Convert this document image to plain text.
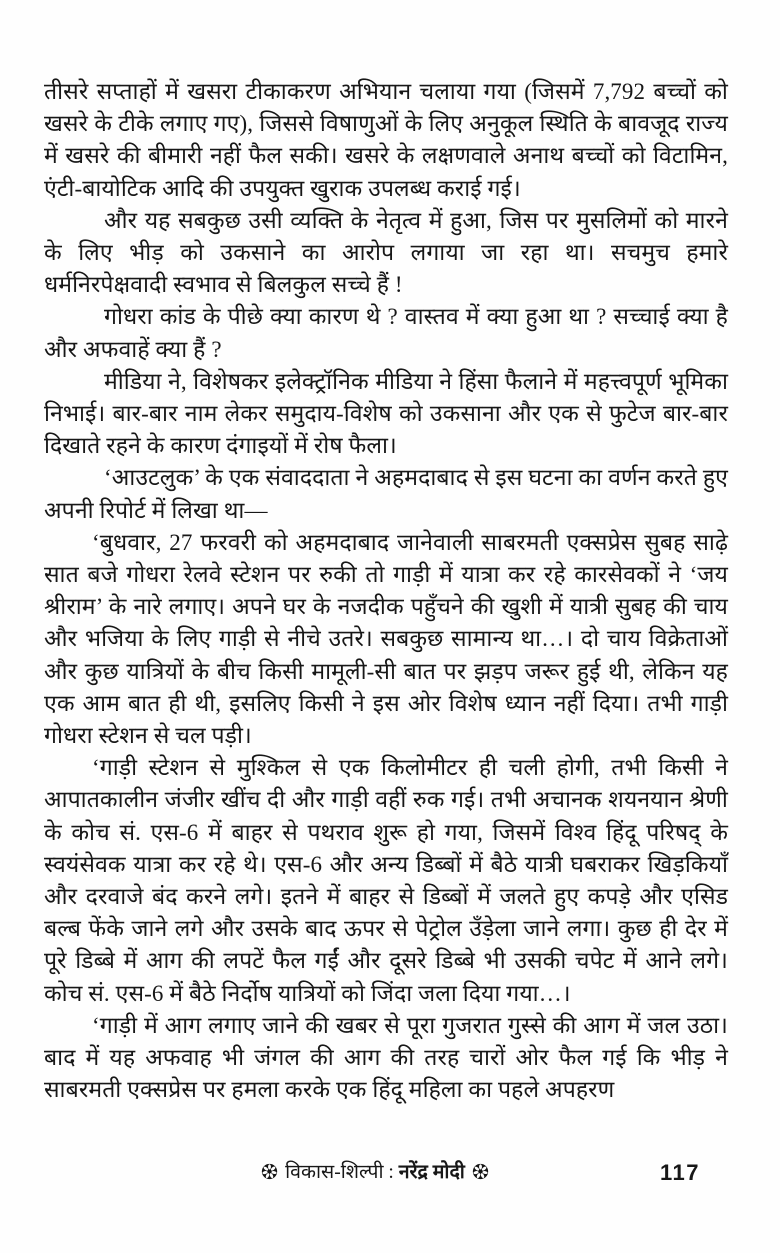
तीसरे सप्ताहों में खसरा टीकाकरण अभियान चलाया गया (जिसमें 7,792 बच्चों को खसरे के टीके लगाए गए), जिससे विषाणुओं के लिए अनुकूल स्थिति के बावजूद राज्य में खसरे की बीमारी नहीं फैल सकी। खसरे के लक्षणवाले अनाथ बच्चों को विटामिन, एंटी-बायोटिक आदि की उपयुक्त खुराक उपलब्ध कराई गई।

और यह सबकुछ उसी व्यक्ति के नेतृत्व में हुआ, जिस पर मुसलिमों को मारने के लिए भीड़ को उकसाने का आरोप लगाया जा रहा था। सचमुच हमारे धर्मनिरपेक्षवादी स्वभाव से बिलकुल सच्चे हैं !

गोधरा कांड के पीछे क्या कारण थे ? वास्तव में क्या हुआ था ? सच्चाई क्या है और अफवाहें क्या हैं ?

मीडिया ने, विशेषकर इलेक्ट्रॉनिक मीडिया ने हिंसा फैलाने में महत्त्वपूर्ण भूमिका निभाई। बार-बार नाम लेकर समुदाय-विशेष को उकसाना और एक से फुटेज बार-बार दिखाते रहने के कारण दंगाइयों में रोष फैला।

‘आउटलुक’ के एक संवाददाता ने अहमदाबाद से इस घटना का वर्णन करते हुए अपनी रिपोर्ट में लिखा था—

‘बुधवार, 27 फरवरी को अहमदाबाद जानेवाली साबरमती एक्सप्रेस सुबह साढ़े सात बजे गोधरा रेलवे स्टेशन पर रुकी तो गाड़ी में यात्रा कर रहे कारसेवकों ने ‘जय श्रीराम’ के नारे लगाए। अपने घर के नजदीक पहुँचने की खुशी में यात्री सुबह की चाय और भजिया के लिए गाड़ी से नीचे उतरे। सबकुछ सामान्य था…। दो चाय विक्रेताओं और कुछ यात्रियों के बीच किसी मामूली-सी बात पर झड़प जरूर हुई थी, लेकिन यह एक आम बात ही थी, इसलिए किसी ने इस ओर विशेष ध्यान नहीं दिया। तभी गाड़ी गोधरा स्टेशन से चल पड़ी।

‘गाड़ी स्टेशन से मुश्किल से एक किलोमीटर ही चली होगी, तभी किसी ने आपातकालीन जंजीर खींच दी और गाड़ी वहीं रुक गई। तभी अचानक शयनयान श्रेणी के कोच सं. एस-6 में बाहर से पथराव शुरू हो गया, जिसमें विश्व हिंदू परिषद् के स्वयंसेवक यात्रा कर रहे थे। एस-6 और अन्य डिब्बों में बैठे यात्री घबराकर खिड़कियाँ और दरवाजे बंद करने लगे। इतने में बाहर से डिब्बों में जलते हुए कपड़े और एसिड बल्ब फेंके जाने लगे और उसके बाद ऊपर से पेट्रोल उँड़ेला जाने लगा। कुछ ही देर में पूरे डिब्बे में आग की लपटें फैल गईं और दूसरे डिब्बे भी उसकी चपेट में आने लगे। कोच सं. एस-6 में बैठे निर्दोष यात्रियों को जिंदा जला दिया गया…।

‘गाड़ी में आग लगाए जाने की खबर से पूरा गुजरात गुस्से की आग में जल उठा। बाद में यह अफवाह भी जंगल की आग की तरह चारों ओर फैल गई कि भीड़ ने साबरमती एक्सप्रेस पर हमला करके एक हिंदू महिला का पहले अपहरण

विकास-शिल्पी : नरेंद्र मोदी	117
